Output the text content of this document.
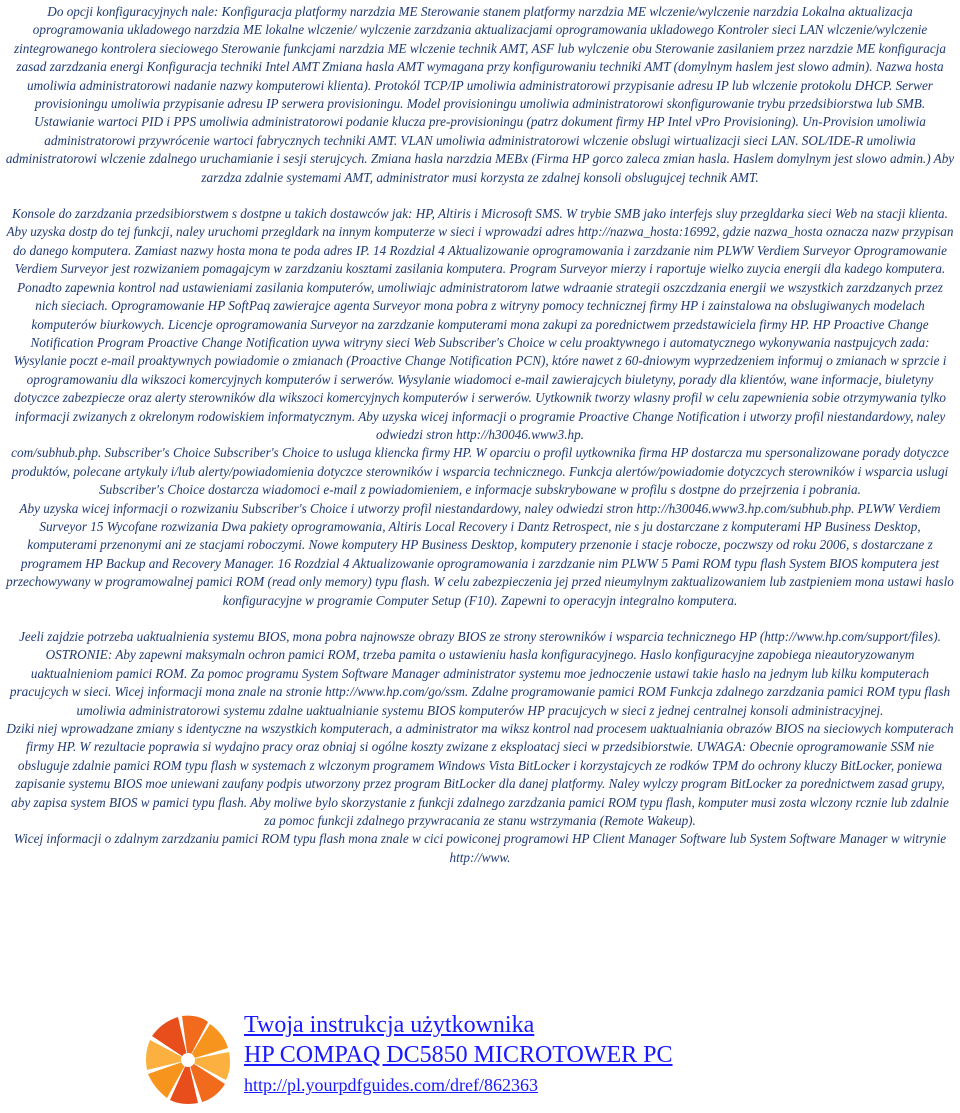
Do opcji konfiguracyjnych nale: Konfiguracja platformy narzdzia ME Sterowanie stanem platformy narzdzia ME wlczenie/wylczenie narzdzia Lokalna aktualizacja oprogramowania ukladowego narzdzia ME lokalne wlczenie/ wylczenie zarzdzania aktualizacjami oprogramowania ukladowego Kontroler sieci LAN wlczenie/wylczenie zintegrowanego kontrolera sieciowego Sterowanie funkcjami narzdzia ME wlczenie technik AMT, ASF lub wylczenie obu Sterowanie zasilaniem przez narzdzie ME konfiguracja zasad zarzdzania energi Konfiguracja techniki Intel AMT Zmiana hasla AMT wymagana przy konfigurowaniu techniki AMT (domylnym haslem jest slowo admin). Nazwa hosta umoliwia administratorowi nadanie nazwy komputerowi klienta). Protokól TCP/IP umoliwia administratorowi przypisanie adresu IP lub wlczenie protokolu DHCP. Serwer provisioningu umoliwia przypisanie adresu IP serwera provisioningu. Model provisioningu umoliwia administratorowi skonfigurowanie trybu przedsibiorstwa lub SMB. Ustawianie wartoci PID i PPS umoliwia administratorowi podanie klucza pre-provisioningu (patrz dokument firmy HP Intel vPro Provisioning). Un-Provision umoliwia administratorowi przywrócenie wartoci fabrycznych techniki AMT. VLAN umoliwia administratorowi wlczenie obslugi wirtualizacji sieci LAN. SOL/IDE-R umoliwia administratorowi wlczenie zdalnego uruchamianie i sesji sterujcych. Zmiana hasla narzdzia MEBx (Firma HP gorco zaleca zmian hasla. Haslem domylnym jest slowo admin.) Aby zarzdza zdalnie systemami AMT, administrator musi korzysta ze zdalnej konsoli obslugujcej technik AMT.

Konsole do zarzdzania przedsibiorstwem s dostpne u takich dostawców jak: HP, Altiris i Microsoft SMS. W trybie SMB jako interfejs sluy przegldarka sieci Web na stacji klienta. Aby uzyska dostp do tej funkcji, naley uruchomi przegldark na innym komputerze w sieci i wprowadzi adres http://nazwa_hosta:16992, gdzie nazwa_hosta oznacza nazw przypisan do danego komputera. Zamiast nazwy hosta mona te poda adres IP. 14 Rozdzial 4 Aktualizowanie oprogramowania i zarzdzanie nim PLWW Verdiem Surveyor Oprogramowanie Verdiem Surveyor jest rozwizaniem pomagajcym w zarzdzaniu kosztami zasilania komputera. Program Surveyor mierzy i raportuje wielko zuycia energii dla kadego komputera. Ponadto zapewnia kontrol nad ustawieniami zasilania komputerów, umoliwiajc administratorom latwe wdraanie strategii oszczdzania energii we wszystkich zarzdzanych przez nich sieciach. Oprogramowanie HP SoftPaq zawierajce agenta Surveyor mona pobra z witryny pomocy technicznej firmy HP i zainstalowa na obslugiwanych modelach komputerów biurkowych. Licencje oprogramowania Surveyor na zarzdzanie komputerami mona zakupi za porednictwem przedstawiciela firmy HP. HP Proactive Change Notification Program Proactive Change Notification uywa witryny sieci Web Subscriber's Choice w celu proaktywnego i automatycznego wykonywania nastpujcych zada: Wysylanie poczt e-mail proaktywnych powiadomie o zmianach (Proactive Change Notification PCN), które nawet z 60-dniowym wyprzedzeniem informuj o zmianach w sprzcie i oprogramowaniu dla wikszoci komercyjnych komputerów i serwerów. Wysylanie wiadomoci e-mail zawierajcych biuletyny, porady dla klientów, wane informacje, biuletyny dotyczce zabezpiecze oraz alerty sterowników dla wikszoci komercyjnych komputerów i serwerów. Uytkownik tworzy wlasny profil w celu zapewnienia sobie otrzymywania tylko informacji zwizanych z okrelonym rodowiskiem informatycznym. Aby uzyska wicej informacji o programie Proactive Change Notification i utworzy profil niestandardowy, naley odwiedzi stron http://h30046.www3.hp.

com/subhub.php. Subscriber's Choice Subscriber's Choice to usluga kliencka firmy HP. W oparciu o profil uytkownika firma HP dostarcza mu spersonalizowane porady dotyczce produktów, polecane artykuly i/lub alerty/powiadomienia dotyczce sterowników i wsparcia technicznego. Funkcja alertów/powiadomie dotyczcych sterowników i wsparcia uslugi Subscriber's Choice dostarcza wiadomoci e-mail z powiadomieniem, e informacje subskrybowane w profilu s dostpne do przejrzenia i pobrania.

Aby uzyska wicej informacji o rozwizaniu Subscriber's Choice i utworzy profil niestandardowy, naley odwiedzi stron http://h30046.www3.hp.com/subhub.php. PLWW Verdiem Surveyor 15 Wycofane rozwizania Dwa pakiety oprogramowania, Altiris Local Recovery i Dantz Retrospect, nie s ju dostarczane z komputerami HP Business Desktop, komputerami przenonymi ani ze stacjami roboczymi. Nowe komputery HP Business Desktop, komputery przenonie i stacje robocze, poczwszy od roku 2006, s dostarczane z programem HP Backup and Recovery Manager. 16 Rozdzial 4 Aktualizowanie oprogramowania i zarzdzanie nim PLWW 5 Pami ROM typu flash System BIOS komputera jest przechowywany w programowalnej pamici ROM (read only memory) typu flash. W celu zabezpieczenia jej przed nieumylnym zaktualizowaniem lub zastpieniem mona ustawi haslo konfiguracyjne w programie Computer Setup (F10). Zapewni to operacyjn integralno komputera.

Jeeli zajdzie potrzeba uaktualnienia systemu BIOS, mona pobra najnowsze obrazy BIOS ze strony sterowników i wsparcia technicznego HP (http://www.hp.com/support/files). OSTRONIE: Aby zapewni maksymaln ochron pamici ROM, trzeba pamita o ustawieniu hasla konfiguracyjnego. Haslo konfiguracyjne zapobiega nieautoryzowanym uaktualnieniom pamici ROM. Za pomoc programu System Software Manager administrator systemu moe jednoczenie ustawi takie haslo na jednym lub kilku komputerach pracujcych w sieci. Wicej informacji mona znale na stronie http://www.hp.com/go/ssm. Zdalne programowanie pamici ROM Funkcja zdalnego zarzdzania pamici ROM typu flash umoliwia administratorowi systemu zdalne uaktualnianie systemu BIOS komputerów HP pracujcych w sieci z jednej centralnej konsoli administracyjnej.

Dziki niej wprowadzane zmiany s identyczne na wszystkich komputerach, a administrator ma wiksz kontrol nad procesem uaktualniania obrazów BIOS na sieciowych komputerach firmy HP. W rezultacie poprawia si wydajno pracy oraz obniaj si ogólne koszty zwizane z eksploatacj sieci w przedsibiorstwie. UWAGA: Obecnie oprogramowanie SSM nie obsluguje zdalnie pamici ROM typu flash w systemach z wlczonym programem Windows Vista BitLocker i korzystajcych ze rodków TPM do ochrony kluczy BitLocker, poniewa zapisanie systemu BIOS moe uniewani zaufany podpis utworzony przez program BitLocker dla danej platformy. Naley wylczy program BitLocker za porednictwem zasad grupy, aby zapisa system BIOS w pamici typu flash. Aby moliwe bylo skorzystanie z funkcji zdalnego zarzdzania pamici ROM typu flash, komputer musi zosta wlczony rcznie lub zdalnie za pomoc funkcji zdalnego przywracania ze stanu wstrzymania (Remote Wakeup).

Wicej informacji o zdalnym zarzdzaniu pamici ROM typu flash mona znale w cici powiconej programowi HP Client Manager Software lub System Software Manager w witrynie http://www.

Twoja instrukcja użytkownika
HP COMPAQ DC5850 MICROTOWER PC
http://pl.yourpdfguides.com/dref/862363
